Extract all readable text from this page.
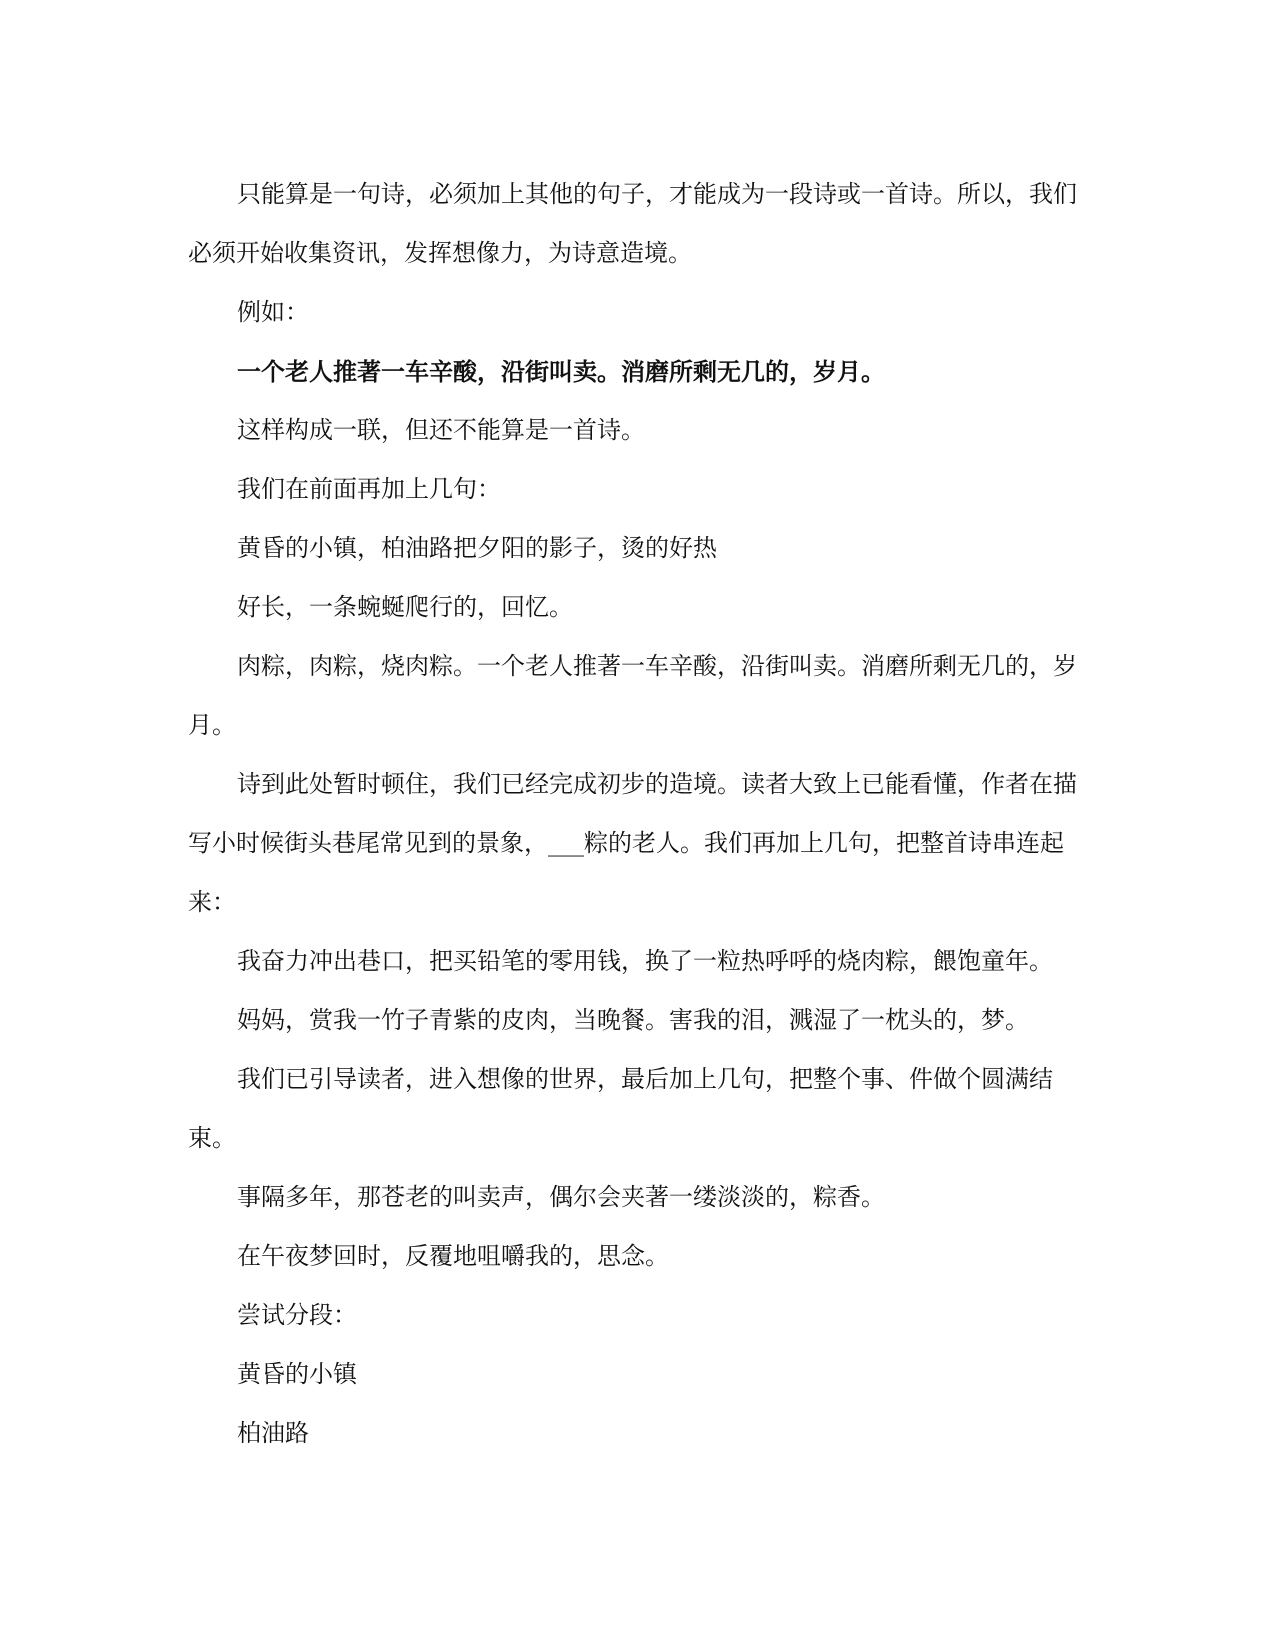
只能算是一句诗，必须加上其他的句子，才能成为一段诗或一首诗。所以，我们必须开始收集资讯，发挥想像力，为诗意造境。

例如：

一个老人推著一车辛酸，沿街叫卖。消磨所剩无几的，岁月。

这样构成一联，但还不能算是一首诗。

我们在前面再加上几句：

黄昏的小镇，柏油路把夕阳的影子，烫的好热

好长，一条蜿蜒爬行的，回忆。

肉粽，肉粽，烧肉粽。一个老人推著一车辛酸，沿街叫卖。消磨所剩无几的，岁月。

诗到此处暂时顿住，我们已经完成初步的造境。读者大致上已能看懂，作者在描写小时候街头巷尾常见到的景象，___粽的老人。我们再加上几句，把整首诗串连起来：

我奋力冲出巷口，把买铅笔的零用钱，换了一粒热呼呼的烧肉粽，餵饱童年。

妈妈，赏我一竹子青紫的皮肉，当晚餐。害我的泪，溅湿了一枕头的，梦。

我们已引导读者，进入想像的世界，最后加上几句，把整个事、件做个圆满结束。

事隔多年，那苍老的叫卖声，偶尔会夹著一缕淡淡的，粽香。

在午夜梦回时，反覆地咀嚼我的，思念。

尝试分段：

黄昏的小镇

柏油路
